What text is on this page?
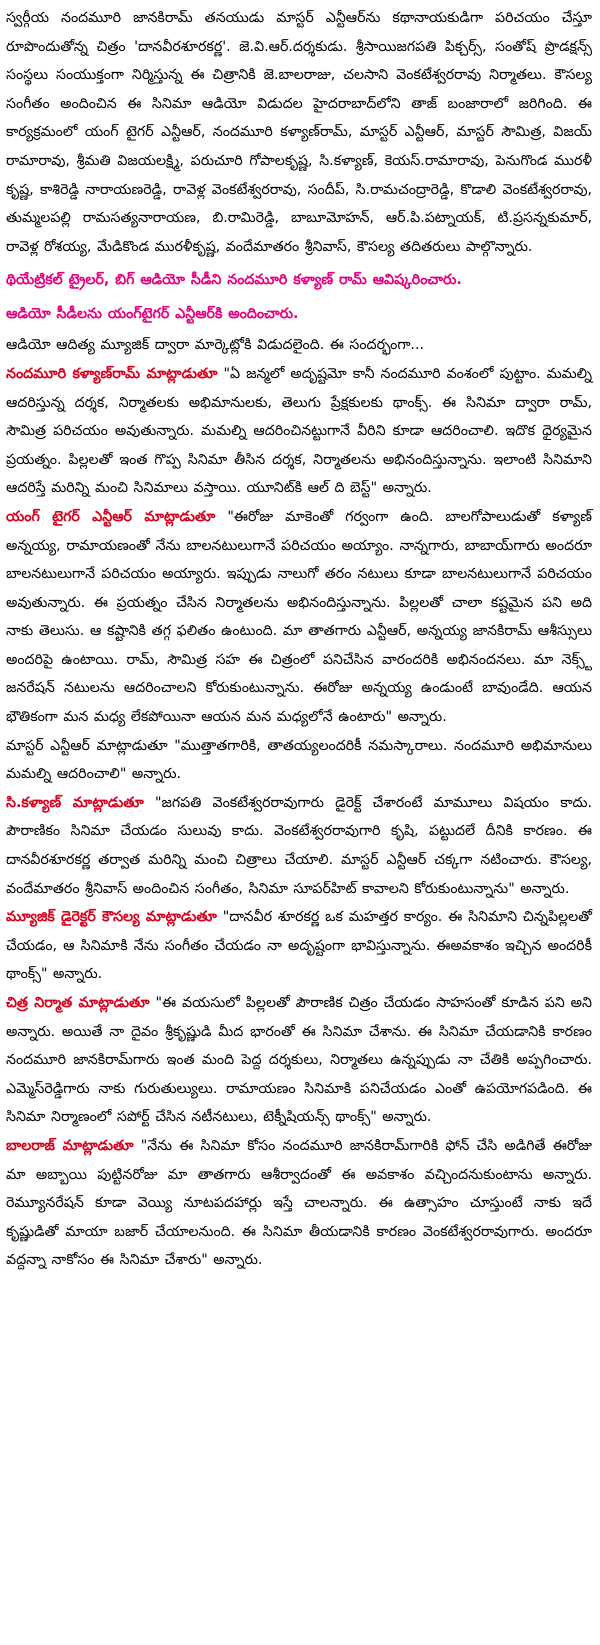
స్వర్గీయ నందమూరి జానకిరామ్ తనయుడు మాస్టర్ ఎన్టీఆర్‌ను కథానాయకుడిగా పరిచయం చేస్తూ రూపొందుతోన్న చిత్రం 'దానవీరశూరకర్ణ'. జె.వి.ఆర్.దర్శకుడు. శ్రీసాయిజగపతి పిక్చర్స్, సంతోష్ ప్రొడక్షన్స్ సంస్థలు సంయుక్తంగా నిర్మిస్తున్న ఈ చిత్రానికి జె.బాలరాజు, చలసాని వెంకటేశ్వరరావు నిర్మాతలు. కౌసల్య సంగీతం అందించిన ఈ సినిమా ఆడియో విడుదల హైదరాబాద్‌లోని తాజ్ బంజారాలో జరిగింది. ఈ కార్యక్రమంలో యంగ్ టైగర్ ఎన్టీఆర్, నందమూరి కళ్యాణ్‌రామ్, మాస్టర్ ఎన్టీఆర్, మాస్టర్ సౌమిత్ర, విజయ్ రామారావు, శ్రీమతి విజయలక్ష్మి, పరుచూరి గోపాలకృష్ణ, సి.కళ్యాణ్, కెయస్.రామారావు, పెనుగొండ మురళీ కృష్ణ, కాశిరెడ్డి నారాయణరెడ్డి, రావెళ్ల వెంకటేశ్వరరావు, సందీప్, సి.రామచంద్రారెడ్డి, కొడాలి వెంకటేశ్వరరావు, తుమ్మలపల్లి రామసత్యనారాయణ, బి.రామిరెడ్డి, బాబూమోహన్, ఆర్.పి.పట్నాయక్, టి.ప్రసన్నకుమార్, రావెళ్ల రోశయ్య, మేడికొండ మురళీకృష్ణ, వందేమాతరం శ్రీనివాస్, కౌసల్య తదితరులు పాల్గొన్నారు.

థియేట్రికల్ ట్రైలర్, బిగ్ ఆడియో సీడీని నందమూరి కళ్యాణ్ రామ్ ఆవిష్కరించారు.

ఆడియో సీడీలను యంగ్‌టైగర్ ఎన్టీఆర్‌కి అందించారు.

ఆడియో ఆదిత్య మ్యూజిక్ ద్వారా మార్కెట్లోకి విడుదలైంది. ఈ సందర్భంగా...

నందమూరి కళ్యాణ్‌రామ్ మాట్లాడుతూ "ఏ జన్మలో అదృష్టమో కానీ నందమూరి వంశంలో పుట్టాం. మమల్ని ఆదరిస్తున్న దర్శక, నిర్మాతలకు అభిమానులకు, తెలుగు ప్రేక్షకులకు థాంక్స్. ఈ సినిమా ద్వారా రామ్, సౌమిత్ర పరిచయం అవుతున్నారు. మమల్ని ఆదరించినట్టుగానే వీరిని కూడా ఆదరించాలి. ఇదొక ధైర్యమైన ప్రయత్నం. పిల్లలతో ఇంత గొప్ప సినిమా తీసిన దర్శక, నిర్మాతలను అభినందిస్తున్నాను. ఇలాంటి సినిమాని ఆదరిస్తే మరిన్ని మంచి సినిమాలు వస్తాయి. యూనిట్‌కి ఆల్ ది బెస్ట్" అన్నారు.

యంగ్ టైగర్ ఎన్టీఆర్ మాట్లాడుతూ "ఈరోజు మాకెంతో గర్వంగా ఉంది. బాలగోపాలుడుతో కళ్యాణ్ అన్నయ్య, రామాయణంతో నేను బాలనటులుగానే పరిచయం అయ్యాం. నాన్నగారు, బాబాయ్‌గారు అందరూ బాలనటులుగానే పరిచయం అయ్యారు. ఇప్పుడు నాలుగో తరం నటులు కూడా బాలనటులుగానే పరిచయం అవుతున్నారు. ఈ ప్రయత్నం చేసిన నిర్మాతలను అభినందిస్తున్నాను. పిల్లలతో చాలా కష్టమైన పని అది నాకు తెలుసు. ఆ కష్టానికి తగ్గ ఫలితం ఉంటుంది. మా తాతగారు ఎన్టీఆర్, అన్నయ్య జానకిరామ్ ఆశీస్సులు అందరిపై ఉంటాయి. రామ్, సౌమిత్ర సహ ఈ చిత్రంలో పనిచేసిన వారందరికి అభినందనలు. మా నెక్స్ట్ జనరేషన్ నటులను ఆదరించాలని కోరుకుంటున్నాను. ఈరోజు అన్నయ్య ఉండుంటే బావుండేది. ఆయన భౌతికంగా మన మధ్య లేకపోయినా ఆయన మన మధ్యలోనే ఉంటారు" అన్నారు.

మాస్టర్ ఎన్టీఆర్ మాట్లాడుతూ "ముత్తాతగారికి, తాతయ్యలందరికీ నమస్కారాలు. నందమూరి అభిమానులు మమల్ని ఆదరించాలి" అన్నారు.

సి.కళ్యాణ్ మాట్లాడుతూ "జగపతి వెంకటేశ్వరరావుగారు డైరెక్ట్ చేశారంటే మామూలు విషయం కాదు. పౌరాణికం సినిమా చేయడం సులువు కాదు. వెంకటేశ్వరరావుగారి కృషి, పట్టుదలే దీనికి కారణం. ఈ దానవీరశూరకర్ణ తర్వాత మరిన్ని మంచి చిత్రాలు చేయాలి. మాస్టర్ ఎన్టీఆర్ చక్కగా నటించారు. కౌసల్య, వందేమాతరం శ్రీనివాస్ అందించిన సంగీతం, సినిమా సూపర్‌హిట్ కావాలని కోరుకుంటున్నాను" అన్నారు.

మ్యూజిక్ డైరెక్టర్ కౌసల్య మాట్లాడుతూ "దానవీర శూరకర్ణ ఒక మహత్తర కార్యం. ఈ సినిమాని చిన్నపిల్లలతో చేయడం, ఆ సినిమాకి నేను సంగీతం చేయడం నా అదృష్టంగా భావిస్తున్నాను. ఈఅవకాశం ఇచ్చిన అందరికీ థాంక్స్" అన్నారు.

చిత్ర నిర్మాత మాట్లాడుతూ "ఈ వయసులో పిల్లలతో పౌరాణిక చిత్రం చేయడం సాహసంతో కూడిన పని అని అన్నారు. అయితే నా దైవం శ్రీకృష్ణుడి మీద భారంతో ఈ సినిమా చేశాను. ఈ సినిమా చేయడానికి కారణం నందమూరి జానకిరామ్‌గారు ఇంత మంది పెద్ద దర్శకులు, నిర్మాతలు ఉన్నప్పుడు నా చేతికి అప్పగించారు. ఎమ్మెస్‌రెడ్డిగారు నాకు గురుతుల్యులు. రామాయణం సినిమాకి పనిచేయడం ఎంతో ఉపయోగపడింది. ఈ సినిమా నిర్మాణంలో సపోర్ట్ చేసిన నటీనటులు, టెక్నీషియన్స్ థాంక్స్" అన్నారు.

బాలరాజ్ మాట్లాడుతూ "నేను ఈ సినిమా కోసం నందమూరి జానకిరామ్‌గారికి ఫోన్ చేసి అడిగితే ఈరోజు మా అబ్బాయి పుట్టినరోజు మా తాతగారు ఆశీర్వాదంతో ఈ అవకాశం వచ్చిందనుకుంటాను అన్నారు. రెమ్యూనరేషన్ కూడా వెయ్యి నూటపదహార్లు ఇస్తే చాలన్నారు. ఈ ఉత్సాహం చూస్తుంటే నాకు ఇదే కృష్ణుడితో మాయా బజార్ చేయాలనుంది. ఈ సినిమా తీయడానికి కారణం వెంకటేశ్వరరావుగారు. అందరూ వద్దన్నా నాకోసం ఈ సినిమా చేశారు" అన్నారు.
